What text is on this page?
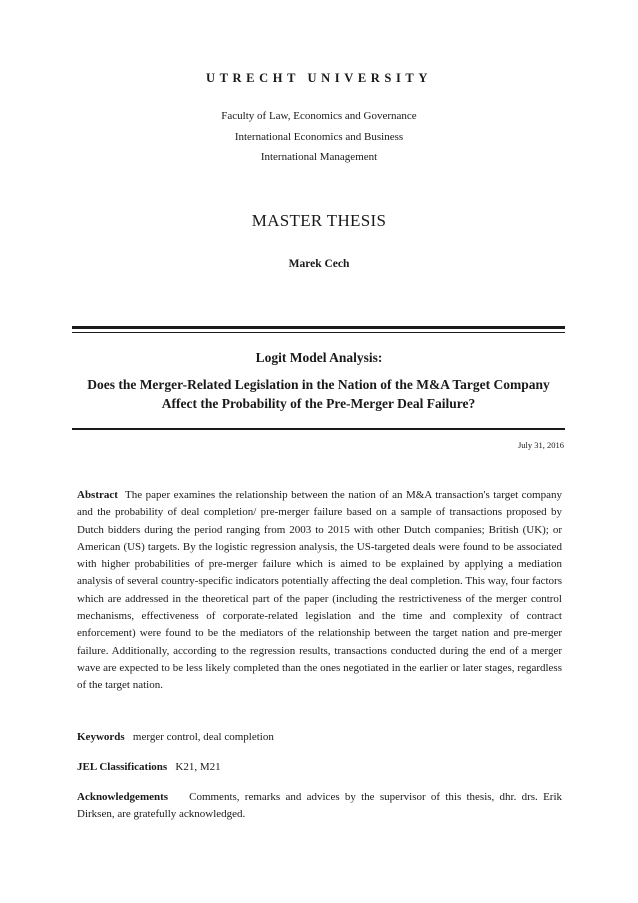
UTRECHT UNIVERSITY
Faculty of Law, Economics and Governance
International Economics and Business
International Management
MASTER THESIS
Marek Cech
Logit Model Analysis:
Does the Merger-Related Legislation in the Nation of the M&A Target Company Affect the Probability of the Pre-Merger Deal Failure?
July 31, 2016

Abstract The paper examines the relationship between the nation of an M&A transaction's target company and the probability of deal completion/ pre-merger failure based on a sample of transactions proposed by Dutch bidders during the period ranging from 2003 to 2015 with other Dutch companies; British (UK); or American (US) targets. By the logistic regression analysis, the US-targeted deals were found to be associated with higher probabilities of pre-merger failure which is aimed to be explained by applying a mediation analysis of several country-specific indicators potentially affecting the deal completion. This way, four factors which are addressed in the theoretical part of the paper (including the restrictiveness of the merger control mechanisms, effectiveness of corporate-related legislation and the time and complexity of contract enforcement) were found to be the mediators of the relationship between the target nation and pre-merger failure. Additionally, according to the regression results, transactions conducted during the end of a merger wave are expected to be less likely completed than the ones negotiated in the earlier or later stages, regardless of the target nation.

Keywords merger control, deal completion

JEL Classifications K21, M21

Acknowledgements Comments, remarks and advices by the supervisor of this thesis, dhr. drs. Erik Dirksen, are gratefully acknowledged.
